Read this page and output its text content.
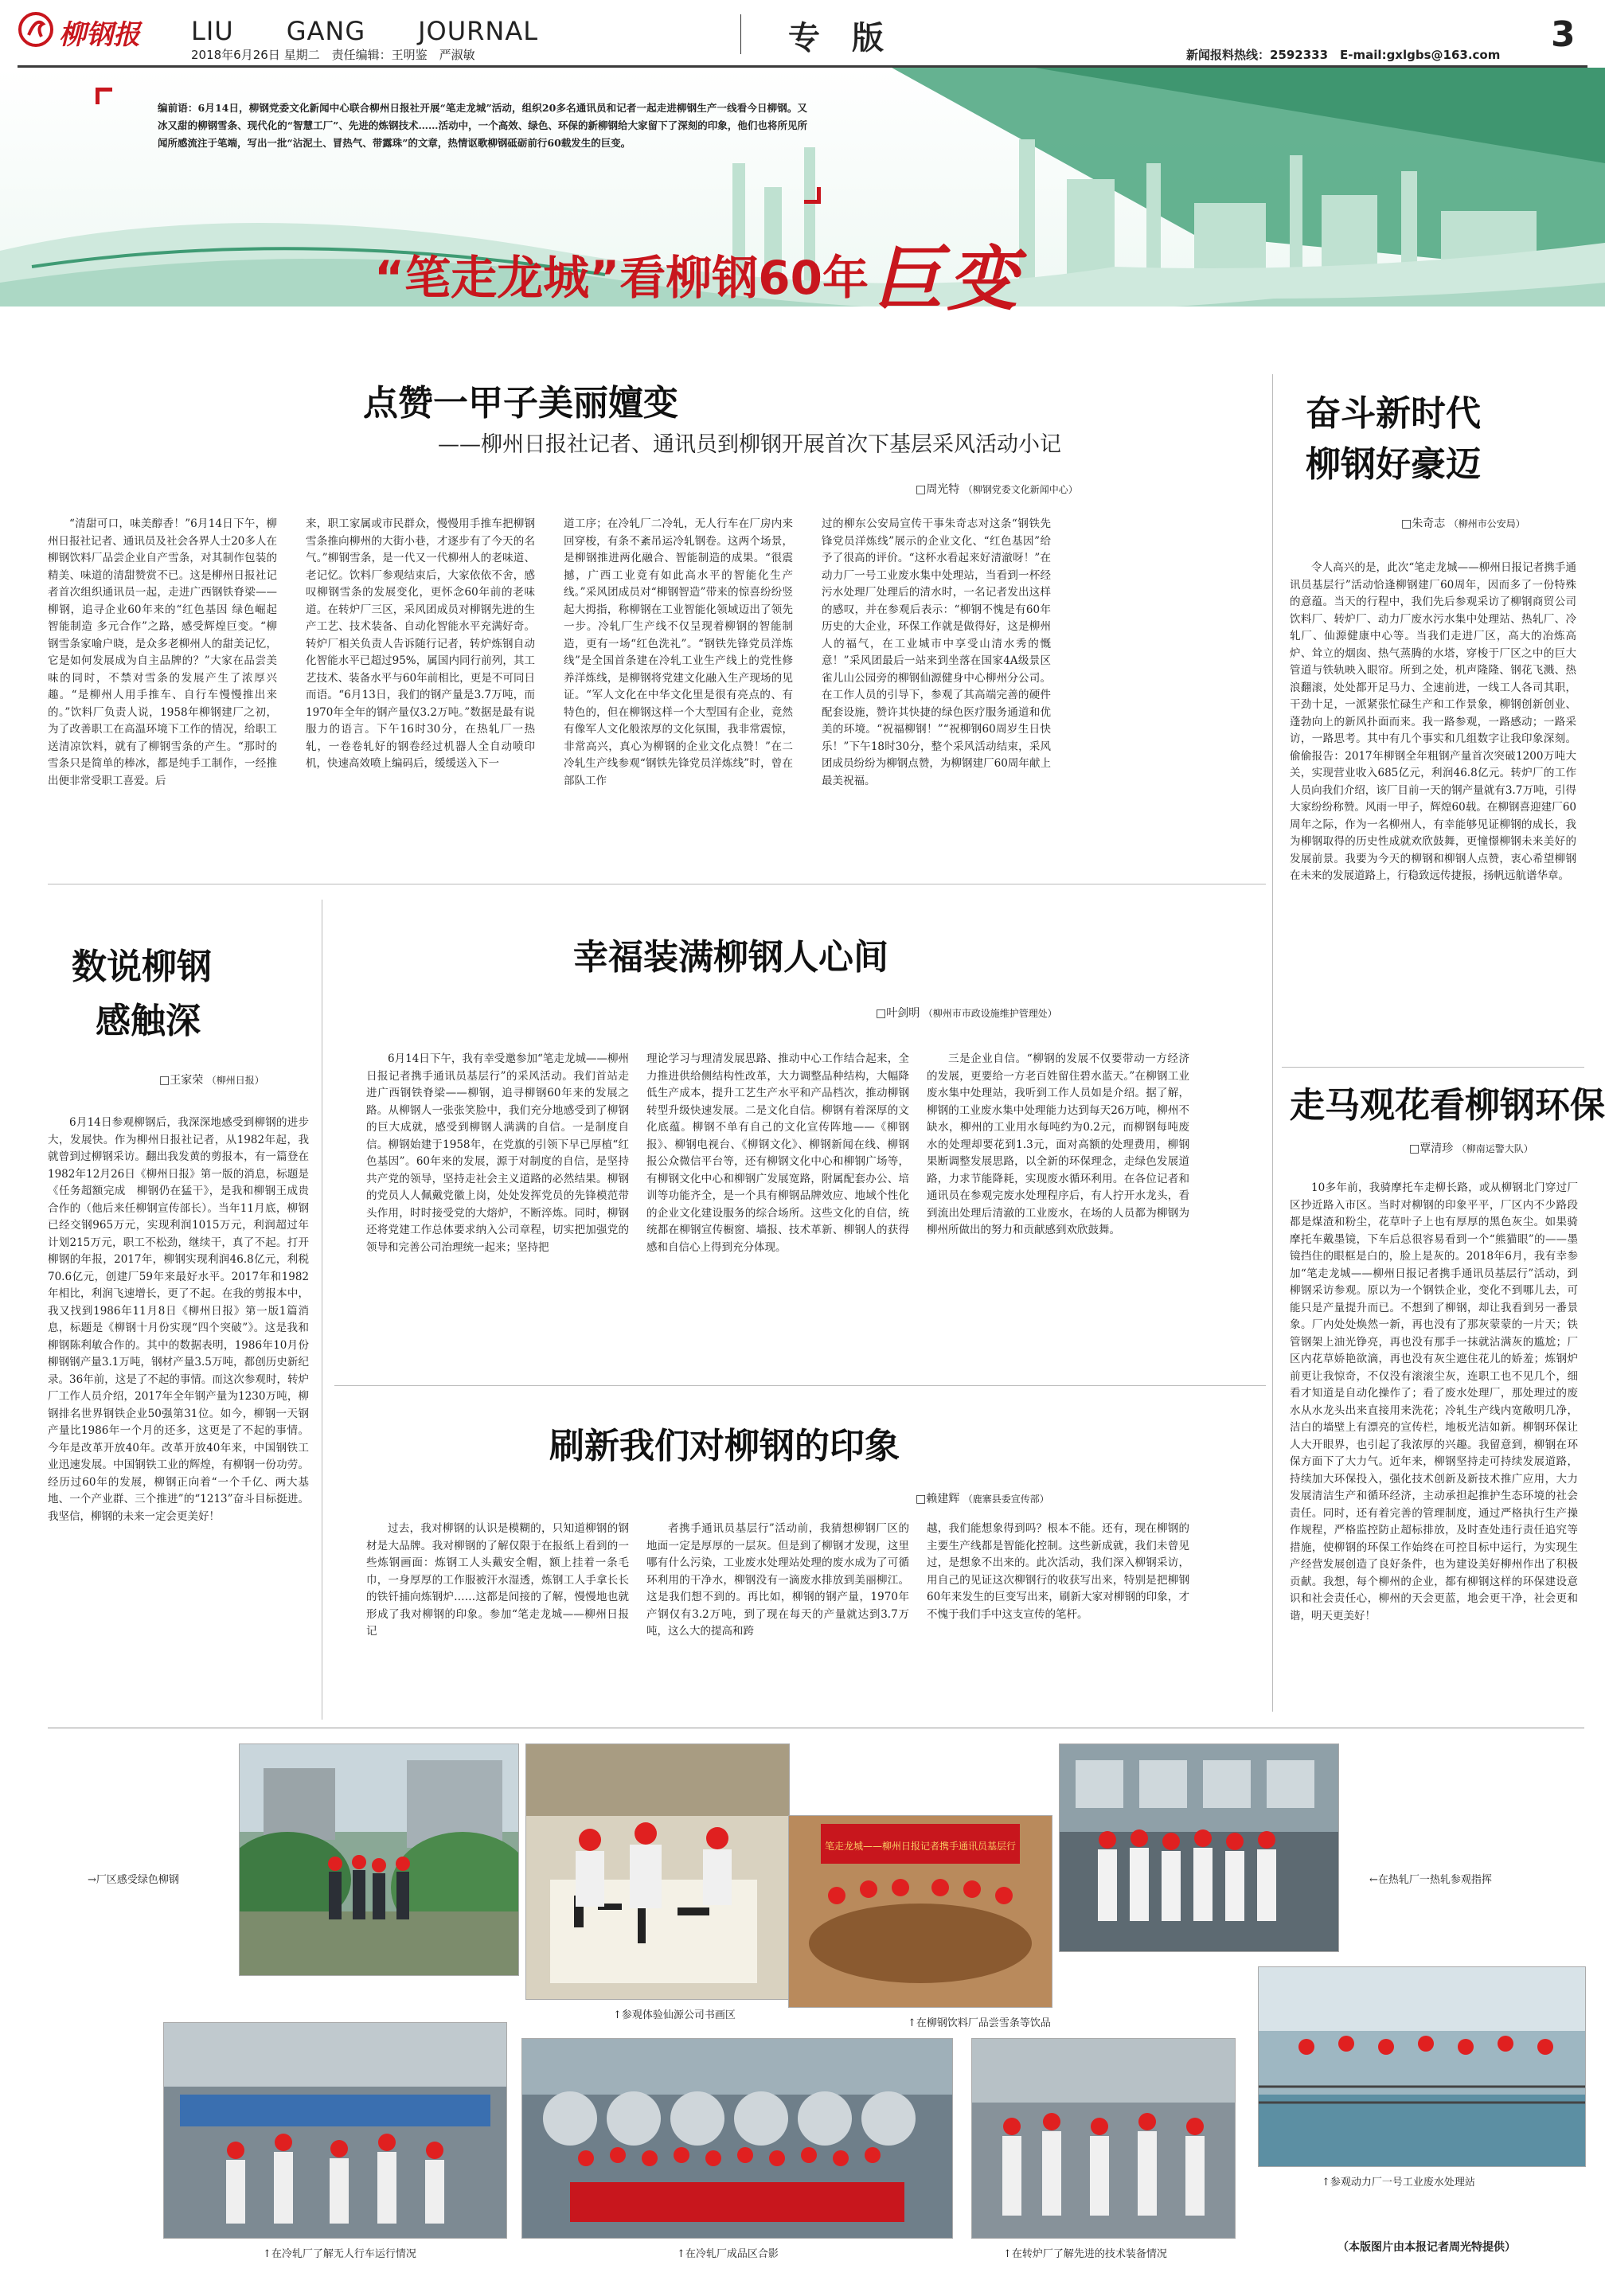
柳钢报 LIU　　GANG　　JOURNAL
2018年6月26日 星期二　责任编辑：王明鉴　严淑敏	专　版	新闻报料热线：2592333　E-mail:gxlgbs@163.com 3
编前语：6月14日，柳钢党委文化新闻中心联合柳州日报社开展“笔走龙城”活动，组织20多名通讯员和记者一起走进柳钢生产一线看今日柳钢。又冰又甜的柳钢雪条、现代化的“智慧工厂”、先进的炼钢技术……活动中，一个高效、绿色、环保的新柳钢给大家留下了深刻的印象，他们也将所见所闻所感流注于笔端，写出一批“沾泥土、冒热气、带露珠”的文章，热情讴歌柳钢砥砺前行60载发生的巨变。
“笔走龙城”看柳钢60年 巨变
点赞一甲子美丽嬗变
——柳州日报社记者、通讯员到柳钢开展首次下基层采风活动小记
□周光特 （柳钢党委文化新闻中心）
“清甜可口，味美醇香！”6月14日下午，柳州日报社记者、通讯员及社会各界人士20多人在柳钢饮料厂品尝企业自产雪条，对其制作包装的精美、味道的清甜赞赏不已。这是柳州日报社记者首次组织通讯员一起，走进广西钢铁脊梁——柳钢，追寻企业60年来的“红色基因 绿色崛起 智能制造 多元合作”之路，感受辉煌巨变。“柳钢雪条家喻户晓，是众多老柳州人的甜美记忆，它是如何发展成为自主品牌的？”大家在品尝美味的同时，不禁对雪条的发展产生了浓厚兴趣。“是柳州人用手推车、自行车慢慢推出来的。”饮料厂负责人说，1958年柳钢建厂之初，为了改善职工在高温环境下工作的情况，给职工送清凉饮料，就有了柳钢雪条的产生。“那时的雪条只是简单的棒冰，都是纯手工制作，一经推出便非常受职工喜爱。后
来，职工家属或市民群众，慢慢用手推车把柳钢雪条推向柳州的大街小巷，才逐步有了今天的名气。”柳钢雪条，是一代又一代柳州人的老味道、老记忆。饮料厂参观结束后，大家依依不舍，感叹柳钢雪条的发展变化，更怀念60年前的老味道。在转炉厂三区，采风团成员对柳钢先进的生产工艺、技术装备、自动化智能水平充满好奇。转炉厂相关负责人告诉随行记者，转炉炼钢自动化智能水平已超过95%，属国内同行前列，其工艺技术、装备水平与60年前相比，更是不可同日而语。“6月13日，我们的钢产量是3.7万吨，而1970年全年的钢产量仅3.2万吨。”数据是最有说服力的语言。下午16时30分，在热轧厂一热轧，一卷卷轧好的钢卷经过机器人全自动喷印机，快速高效喷上编码后，缓缓送入下一
道工序；在冷轧厂二冷轧，无人行车在厂房内来回穿梭，有条不紊吊运冷轧钢卷。这两个场景，是柳钢推进两化融合、智能制造的成果。“很震撼，广西工业竟有如此高水平的智能化生产线。”采风团成员对“柳钢智造”带来的惊喜纷纷竖起大拇指，称柳钢在工业智能化领域迈出了领先一步。冷轧厂生产线不仅呈现着柳钢的智能制造，更有一场“红色洗礼”。“钢铁先锋党员洋炼线”是全国首条建在冷轧工业生产线上的党性修养洋炼线，是柳钢将党建文化融入生产现场的见证。“军人文化在中华文化里是很有亮点的、有特色的，但在柳钢这样一个大型国有企业，竟然有像军人文化般浓厚的文化氛围，我非常震惊，非常高兴，真心为柳钢的企业文化点赞！”在二冷轧生产线参观“钢铁先锋党员洋炼线”时，曾在部队工作
过的柳东公安局宣传干事朱奇志对这条“钢铁先锋党员洋炼线”展示的企业文化、“红色基因”给予了很高的评价。“这杯水看起来好清澈呀！”在动力厂一号工业废水集中处理站，当看到一杯经污水处理厂处理后的清水时，一名记者发出这样的感叹，并在参观后表示：“柳钢不愧是有60年历史的大企业，环保工作就是做得好，这是柳州人的福气，在工业城市中享受山清水秀的慨意！”采风团最后一站来到坐落在国家4A级景区雀儿山公园旁的柳钢仙源健身中心柳州分公司。在工作人员的引导下，参观了其高端完善的硬件配套设施，赞许其快捷的绿色医疗服务通道和优美的环境。“祝福柳钢！”“祝柳钢60周岁生日快乐！”下午18时30分，整个采风活动结束，采风团成员纷纷为柳钢点赞，为柳钢建厂60周年献上最美祝福。
奋斗新时代
柳钢好豪迈
□朱奇志 （柳州市公安局）
令人高兴的是，此次“笔走龙城——柳州日报记者携手通讯员基层行”活动恰逢柳钢建厂60周年，因而多了一份特殊的意蕴。当天的行程中，我们先后参观采访了柳钢商贸公司饮料厂、转炉厂、动力厂废水污水集中处理站、热轧厂、冷轧厂、仙源健康中心等。当我们走进厂区，高大的冶炼高炉、耸立的烟囱、热气蒸腾的水塔，穿梭于厂区之中的巨大管道与铁轨映入眼帘。所到之处，机声隆隆、钢花飞溅、热浪翻滚，处处都开足马力、全速前进，一线工人各司其职，干劲十足，一派紧张忙碌生产和工作景象，柳钢创新创业、蓬勃向上的新风扑面而来。我一路参观，一路感动；一路采访，一路思考。其中有几个事实和几组数字让我印象深刻。偷偷报告：2017年柳钢全年粗钢产量首次突破1200万吨大关，实现营业收入685亿元，利润46.8亿元。转炉厂的工作人员向我们介绍，该厂目前一天的钢产量就有3.7万吨，引得大家纷纷称赞。风雨一甲子，辉煌60载。在柳钢喜迎建厂60周年之际，作为一名柳州人，有幸能够见证柳钢的成长，我为柳钢取得的历史性成就欢欣鼓舞，更憧憬柳钢未来美好的发展前景。我要为今天的柳钢和柳钢人点赞，衷心希望柳钢在未来的发展道路上，行稳致远传捷报，扬帆远航谱华章。
数说柳钢
感触深
□王家荣 （柳州日报）
6月14日参观柳钢后，我深深地感受到柳钢的进步大，发展快。作为柳州日报社记者，从1982年起，我就曾到过柳钢采访。翻出我发黄的剪报本，有一篇登在1982年12月26日《柳州日报》第一版的消息，标题是《任务超额完成　柳钢仍在猛干》，是我和柳钢王成贵合作的（他后来任柳钢宣传部长）。当年11月底，柳钢已经交钢965万元，实现利润1015万元，利润超过年计划215万元，职工不松劲，继续干，真了不起。打开柳钢的年报，2017年，柳钢实现利润46.8亿元，利税70.6亿元，创建厂59年来最好水平。2017年和1982年相比，利润飞速增长，更了不起。在我的剪报本中，我又找到1986年11月8日《柳州日报》第一版1篇消息，标题是《柳钢十月份实现“四个突破”》。这是我和柳钢陈利敏合作的。其中的数据表明，1986年10月份柳钢钢产量3.1万吨，钢材产量3.5万吨，都创历史新纪录。36年前，这是了不起的事情。而这次参观时，转炉厂工作人员介绍，2017年全年钢产量为1230万吨，柳钢排名世界钢铁企业50强第31位。如今，柳钢一天钢产量比1986年一个月的还多，这更是了不起的事情。今年是改革开放40年。改革开放40年来，中国钢铁工业迅速发展。中国钢铁工业的辉煌，有柳钢一份功劳。经历过60年的发展，柳钢正向着“一个千亿、两大基地、一个产业群、三个推进”的“1213”奋斗目标挺进。我坚信，柳钢的未来一定会更美好！
幸福装满柳钢人心间
□叶剑明 （柳州市市政设施维护管理处）
6月14日下午，我有幸受邀参加“笔走龙城——柳州日报记者携手通讯员基层行”的采风活动。我们首站走进广西钢铁脊梁——柳钢，追寻柳钢60年来的发展之路。从柳钢人一张张笑脸中，我们充分地感受到了柳钢的巨大成就，感受到柳钢人满满的自信。一是制度自信。柳钢始建于1958年，在党旗的引领下早已厚植“红色基因”。60年来的发展，源于对制度的自信，是坚持共产党的领导，坚持走社会主义道路的必然结果。柳钢的党员人人佩戴党徽上岗，处处发挥党员的先锋模范带头作用，时时接受党的大熔炉，不断淬炼。同时，柳钢还将党建工作总体要求纳入公司章程，切实把加强党的领导和完善公司治理统一起来；坚持把
理论学习与理清发展思路、推动中心工作结合起来，全力推进供给侧结构性改革，大力调整品种结构，大幅降低生产成本，提升工艺生产水平和产品档次，推动柳钢转型升级快速发展。二是文化自信。柳钢有着深厚的文化底蕴。柳钢不单有自己的文化宣传阵地——《柳钢报》、柳钢电视台、《柳钢文化》、柳钢新闻在线、柳钢报公众微信平台等，还有柳钢文化中心和柳钢广场等，有柳钢文化中心和柳钢广发展宽路，附属配套办公、培训等功能齐全，是一个具有柳钢品牌效应、地域个性化的企业文化建设服务的综合场所。这些文化的自信，统统都在柳钢宣传橱窗、墙报、技术革新、柳钢人的获得感和自信心上得到充分体现。
三是企业自信。“柳钢的发展不仅要带动一方经济的发展，更要给一方老百姓留住碧水蓝天。”在柳钢工业废水集中处理站，我听到工作人员如是介绍。据了解，柳钢的工业废水集中处理能力达到每天26万吨，柳州不缺水，柳州的工业用水每吨约为0.2元，而柳钢每吨废水的处理却要花到1.3元，面对高额的处理费用，柳钢果断调整发展思路，以全新的环保理念，走绿色发展道路，力求节能降耗，实现废水循环利用。在各位记者和通讯员在参观完废水处理程序后，有人拧开水龙头，看到流出处理后清澈的工业废水，在场的人员都为柳钢为柳州所做出的努力和贡献感到欢欣鼓舞。
走马观花看柳钢环保
□覃清珍 （柳南运警大队）
10多年前，我骑摩托车走柳长路，或从柳钢北门穿过厂区抄近路入市区。当时对柳钢的印象平平，厂区内不少路段都是煤渣和粉尘，花草叶子上也有厚厚的黑色灰尘。如果骑摩托车戴墨镜，下车后总很容易看到一个“熊猫眼”的——墨镜挡住的眼框是白的，脸上是灰的。2018年6月，我有幸参加“笔走龙城——柳州日报记者携手通讯员基层行”活动，到柳钢采访参观。原以为一个钢铁企业，变化不到哪儿去，可能只是产量提升而已。不想到了柳钢，却让我看到另一番景象。厂内处处焕然一新，再也没有了那灰蒙蒙的一片天；铁管钢架上油光铮亮，再也没有那手一抹就沾满灰的尴尬；厂区内花草娇艳欲滴，再也没有灰尘遮住花儿的娇羞；炼钢炉前更让我惊奇，不仅没有滚滚尘灰，连职工也不见几个，细看才知道是自动化操作了；看了废水处理厂，那处理过的废水从水龙头出来直接用来洗花；冷轧生产线内宽敞明几净，洁白的墙壁上有漂亮的宣传栏，地板光洁如新。柳钢环保让人大开眼界，也引起了我浓厚的兴趣。我留意到，柳钢在环保方面下了大力气。近年来，柳钢坚持走可持续发展道路，持续加大环保投入，强化技术创新及新技术推广应用，大力发展清洁生产和循环经济，主动承担起推护生态环境的社会责任。同时，还有着完善的管理制度，通过严格执行生产操作规程，严格监控防止超标排放，及时查处违行责任追究等措施，使柳钢的环保工作始终在可控目标中运行，为实现生产经营发展创造了良好条件，也为建设美好柳州作出了积极贡献。我想，每个柳州的企业，都有柳钢这样的环保建设意识和社会责任心，柳州的天会更蓝，地会更干净，社会更和谐，明天更美好！
刷新我们对柳钢的印象
□赖建辉 （鹿寨县委宣传部）
过去，我对柳钢的认识是模糊的，只知道柳钢的钢材是大品牌。我对柳钢的了解仅限于在报纸上看到的一些炼钢画面：炼钢工人头戴安全帽，额上挂着一条毛巾，一身厚厚的工作服被汗水湿透，炼钢工人手拿长长的铁钎捕向炼钢炉……这都是间接的了解，慢慢地也就形成了我对柳钢的印象。参加“笔走龙城——柳州日报记
者携手通讯员基层行”活动前，我猜想柳钢厂区的地面一定是厚厚的一层灰。但是到了柳钢才发现，这里哪有什么污染，工业废水处理站处理的废水成为了可循环利用的干净水，柳钢没有一滴废水排放到美丽柳江。这是我们想不到的。再比如，柳钢的钢产量，1970年产钢仅有3.2万吨，到了现在每天的产量就达到3.7万吨，这么大的提高和跨
越，我们能想象得到吗？根本不能。还有，现在柳钢的主要生产线都是智能化控制。这些新成就，我们未曾见过，是想象不出来的。此次活动，我们深入柳钢采访，用自己的见证这次柳钢行的收获写出来，特别是把柳钢60年来发生的巨变写出来，刷新大家对柳钢的印象，才不愧于我们手中这支宣传的笔杆。
→厂区感受绿色柳钢
↑参观体验仙源公司书画区
←在热轧厂一热轧参观指挥
笔走龙城——柳州日报记者携手通讯员基层行
↑在柳钢饮料厂品尝雪条等饮品
↑在冷轧厂了解无人行车运行情况	↑在冷轧厂成品区合影	↑在转炉厂了解先进的技术装备情况
↑参观动力厂一号工业废水处理站
（本版图片由本报记者周光特提供）
